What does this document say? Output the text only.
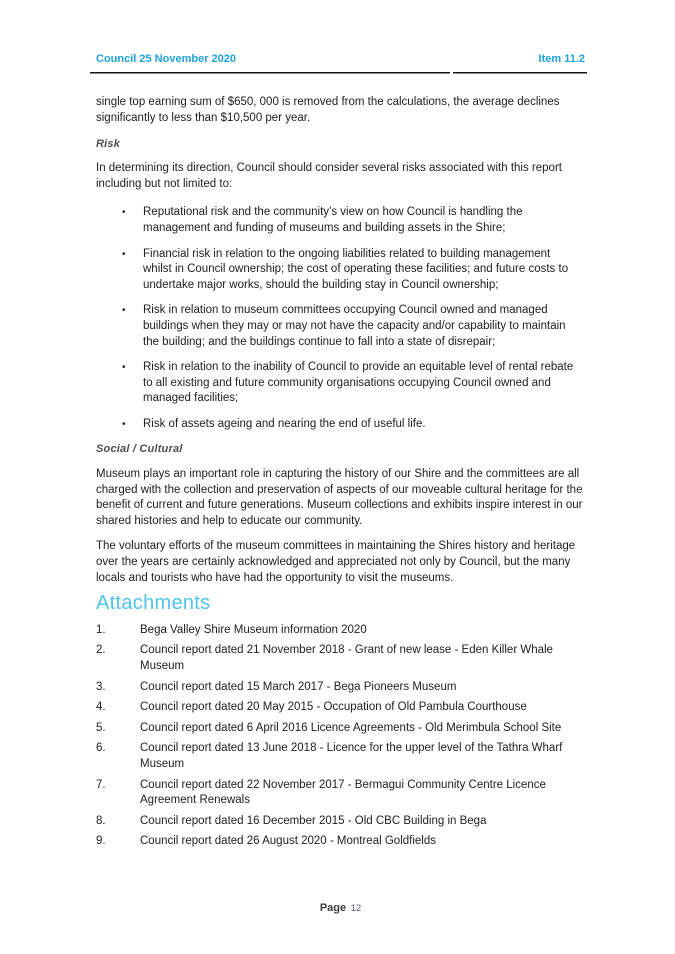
Council 25 November 2020	Item 11.2

single top earning sum of $650, 000 is removed from the calculations, the average declines significantly to less than $10,500 per year.

Risk

In determining its direction, Council should consider several risks associated with this report including but not limited to:

•	Reputational risk and the community’s view on how Council is handling the management and funding of museums and building assets in the Shire;
•	Financial risk in relation to the ongoing liabilities related to building management whilst in Council ownership; the cost of operating these facilities; and future costs to undertake major works, should the building stay in Council ownership;
•	Risk in relation to museum committees occupying Council owned and managed buildings when they may or may not have the capacity and/or capability to maintain the building; and the buildings continue to fall into a state of disrepair;
•	Risk in relation to the inability of Council to provide an equitable level of rental rebate to all existing and future community organisations occupying Council owned and managed facilities;
•	Risk of assets ageing and nearing the end of useful life.
Social / Cultural

Museum plays an important role in capturing the history of our Shire and the committees are all charged with the collection and preservation of aspects of our moveable cultural heritage for the benefit of current and future generations. Museum collections and exhibits inspire interest in our shared histories and help to educate our community.

The voluntary efforts of the museum committees in maintaining the Shires history and heritage over the years are certainly acknowledged and appreciated not only by Council, but the many locals and tourists who have had the opportunity to visit the museums.

Attachments
1.	Bega Valley Shire Museum information 2020
2.	Council report dated 21 November 2018 - Grant of new lease - Eden Killer Whale Museum
3.	Council report dated 15 March 2017 - Bega Pioneers Museum
4.	Council report dated 20 May 2015 - Occupation of Old Pambula Courthouse
5.	Council report dated 6 April 2016 Licence Agreements - Old Merimbula School Site
6.	Council report dated 13 June 2018 - Licence for the upper level of the Tathra Wharf Museum
7.	Council report dated 22 November 2017 - Bermagui Community Centre Licence Agreement Renewals
8.	Council report dated 16 December 2015 - Old CBC Building in Bega
9.	Council report dated 26 August 2020 - Montreal Goldfields
Page 12
